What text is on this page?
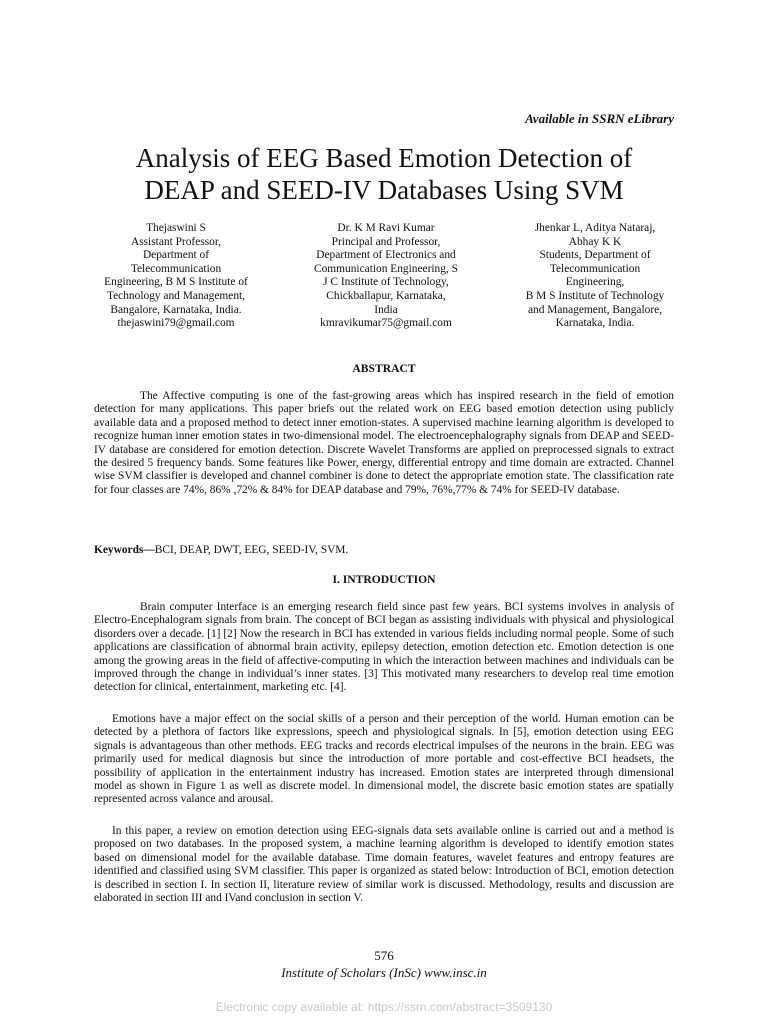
Available in SSRN eLibrary
Analysis of EEG Based Emotion Detection of
DEAP and SEED-IV Databases Using SVM
Thejaswini S
Assistant Professor,
Department of
Telecommunication
Engineering, B M S Institute of
Technology and Management,
Bangalore, Karnataka, India.
thejaswini79@gmail.com
Dr. K M Ravi Kumar
Principal and Professor,
Department of Electronics and
Communication Engineering, S
J C Institute of Technology,
Chickballapur, Karnataka,
India
kmravikumar75@gmail.com
Jhenkar L, Aditya Nataraj,
Abhay K K
Students, Department of
Telecommunication
Engineering,
B M S Institute of Technology
and Management, Bangalore,
Karnataka, India.
ABSTRACT

The Affective computing is one of the fast-growing areas which has inspired research in the field of emotion detection for many applications. This paper briefs out the related work on EEG based emotion detection using publicly available data and a proposed method to detect inner emotion-states. A supervised machine learning algorithm is developed to recognize human inner emotion states in two-dimensional model. The electroencephalography signals from DEAP and SEED-IV database are considered for emotion detection. Discrete Wavelet Transforms are applied on preprocessed signals to extract the desired 5 frequency bands. Some features like Power, energy, differential entropy and time domain are extracted. Channel wise SVM classifier is developed and channel combiner is done to detect the appropriate emotion state. The classification rate for four classes are 74%, 86% ,72% & 84% for DEAP database and 79%, 76%,77% & 74% for SEED-IV database.

Keywords—BCI, DEAP, DWT, EEG, SEED-IV, SVM.

I. INTRODUCTION

Brain computer Interface is an emerging research field since past few years. BCI systems involves in analysis of Electro-Encephalogram signals from brain. The concept of BCI began as assisting individuals with physical and physiological disorders over a decade. [1] [2] Now the research in BCI has extended in various fields including normal people. Some of such applications are classification of abnormal brain activity, epilepsy detection, emotion detection etc. Emotion detection is one among the growing areas in the field of affective-computing in which the interaction between machines and individuals can be improved through the change in individual’s inner states. [3] This motivated many researchers to develop real time emotion detection for clinical, entertainment, marketing etc. [4].

Emotions have a major effect on the social skills of a person and their perception of the world. Human emotion can be detected by a plethora of factors like expressions, speech and physiological signals. In [5], emotion detection using EEG signals is advantageous than other methods. EEG tracks and records electrical impulses of the neurons in the brain. EEG was primarily used for medical diagnosis but since the introduction of more portable and cost-effective BCI headsets, the possibility of application in the entertainment industry has increased. Emotion states are interpreted through dimensional model as shown in Figure 1 as well as discrete model. In dimensional model, the discrete basic emotion states are spatially represented across valance and arousal.

In this paper, a review on emotion detection using EEG-signals data sets available online is carried out and a method is proposed on two databases. In the proposed system, a machine learning algorithm is developed to identify emotion states based on dimensional model for the available database. Time domain features, wavelet features and entropy features are identified and classified using SVM classifier. This paper is organized as stated below: Introduction of BCI, emotion detection is described in section I. In section II, literature review of similar work is discussed. Methodology, results and discussion are elaborated in section III and IVand conclusion in section V.

576
Institute of Scholars (InSc) www.insc.in
Electronic copy available at: https://ssrn.com/abstract=3509130
